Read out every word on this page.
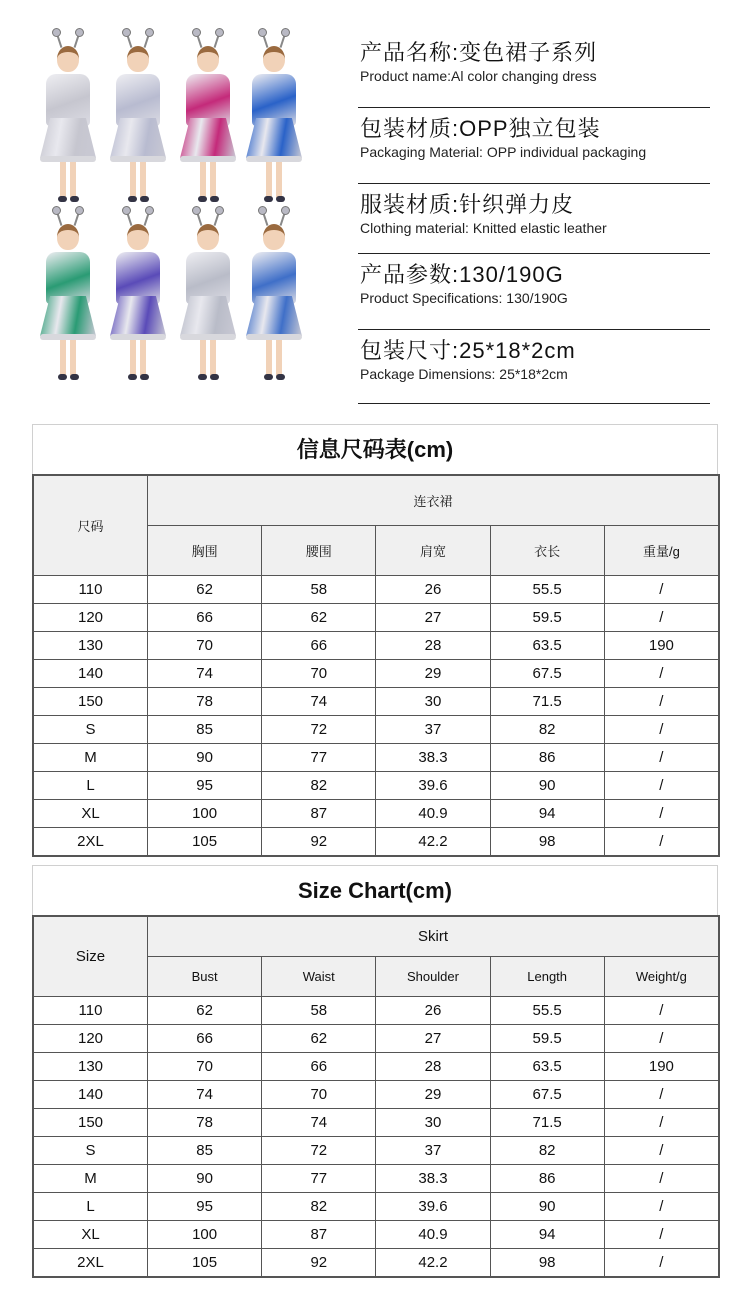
产品名称:变色裙子系列
Product name:Al color changing dress
包装材质:OPP独立包装
Packaging Material: OPP individual packaging
服装材质:针织弹力皮
Clothing material: Knitted elastic leather
产品参数:130/190G
Product Specifications: 130/190G
包装尺寸:25*18*2cm
Package Dimensions: 25*18*2cm
信息尺码表(cm)
尺码	连衣裙				
	胸围	腰围	肩宽	衣长	重量/g
110	62	58	26	55.5	/
120	66	62	27	59.5	/
130	70	66	28	63.5	190
140	74	70	29	67.5	/
150	78	74	30	71.5	/
S	85	72	37	82	/
M	90	77	38.3	86	/
L	95	82	39.6	90	/
XL	100	87	40.9	94	/
2XL	105	92	42.2	98	/
Size Chart(cm)
Size	Skirt				
	Bust	Waist	Shoulder	Length	Weight/g
110	62	58	26	55.5	/
120	66	62	27	59.5	/
130	70	66	28	63.5	190
140	74	70	29	67.5	/
150	78	74	30	71.5	/
S	85	72	37	82	/
M	90	77	38.3	86	/
L	95	82	39.6	90	/
XL	100	87	40.9	94	/
2XL	105	92	42.2	98	/
